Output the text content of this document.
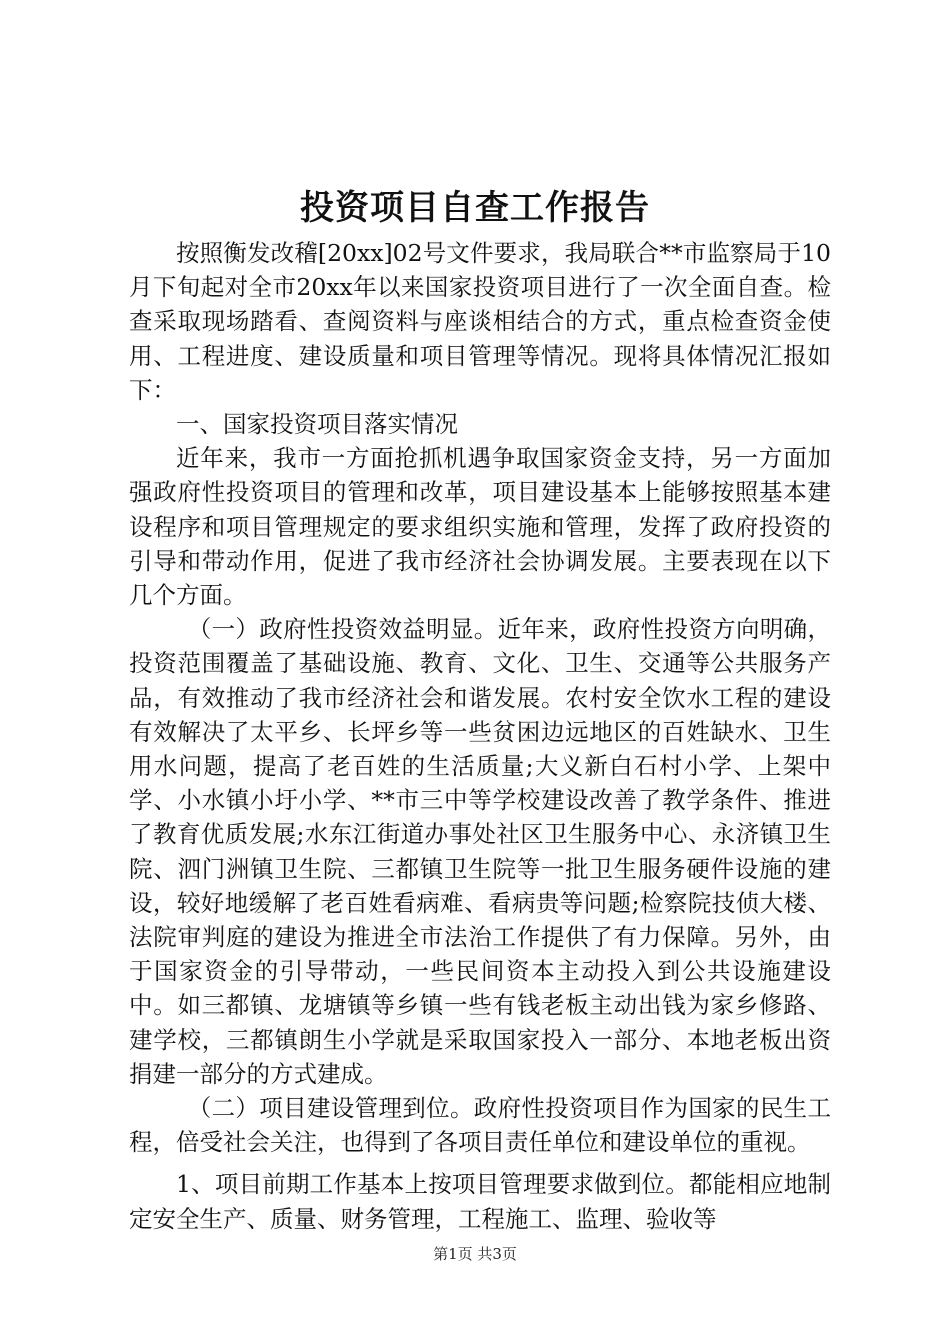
投资项目自查工作报告

按照衡发改稽[20xx]02号文件要求，我局联合**市监察局于10月下旬起对全市20xx年以来国家投资项目进行了一次全面自查。检查采取现场踏看、查阅资料与座谈相结合的方式，重点检查资金使用、工程进度、建设质量和项目管理等情况。现将具体情况汇报如下：

一、国家投资项目落实情况

近年来，我市一方面抢抓机遇争取国家资金支持，另一方面加强政府性投资项目的管理和改革，项目建设基本上能够按照基本建设程序和项目管理规定的要求组织实施和管理，发挥了政府投资的引导和带动作用，促进了我市经济社会协调发展。主要表现在以下几个方面。

（一）政府性投资效益明显。近年来，政府性投资方向明确，投资范围覆盖了基础设施、教育、文化、卫生、交通等公共服务产品，有效推动了我市经济社会和谐发展。农村安全饮水工程的建设有效解决了太平乡、长坪乡等一些贫困边远地区的百姓缺水、卫生用水问题，提高了老百姓的生活质量;大义新白石村小学、上架中学、小水镇小圩小学、**市三中等学校建设改善了教学条件、推进了教育优质发展;水东江街道办事处社区卫生服务中心、永济镇卫生院、泗门洲镇卫生院、三都镇卫生院等一批卫生服务硬件设施的建设，较好地缓解了老百姓看病难、看病贵等问题;检察院技侦大楼、法院审判庭的建设为推进全市法治工作提供了有力保障。另外，由于国家资金的引导带动，一些民间资本主动投入到公共设施建设中。如三都镇、龙塘镇等乡镇一些有钱老板主动出钱为家乡修路、建学校，三都镇朗生小学就是采取国家投入一部分、本地老板出资捐建一部分的方式建成。

（二）项目建设管理到位。政府性投资项目作为国家的民生工程，倍受社会关注，也得到了各项目责任单位和建设单位的重视。

1、项目前期工作基本上按项目管理要求做到位。都能相应地制定安全生产、质量、财务管理，工程施工、监理、验收等

第1页 共3页
